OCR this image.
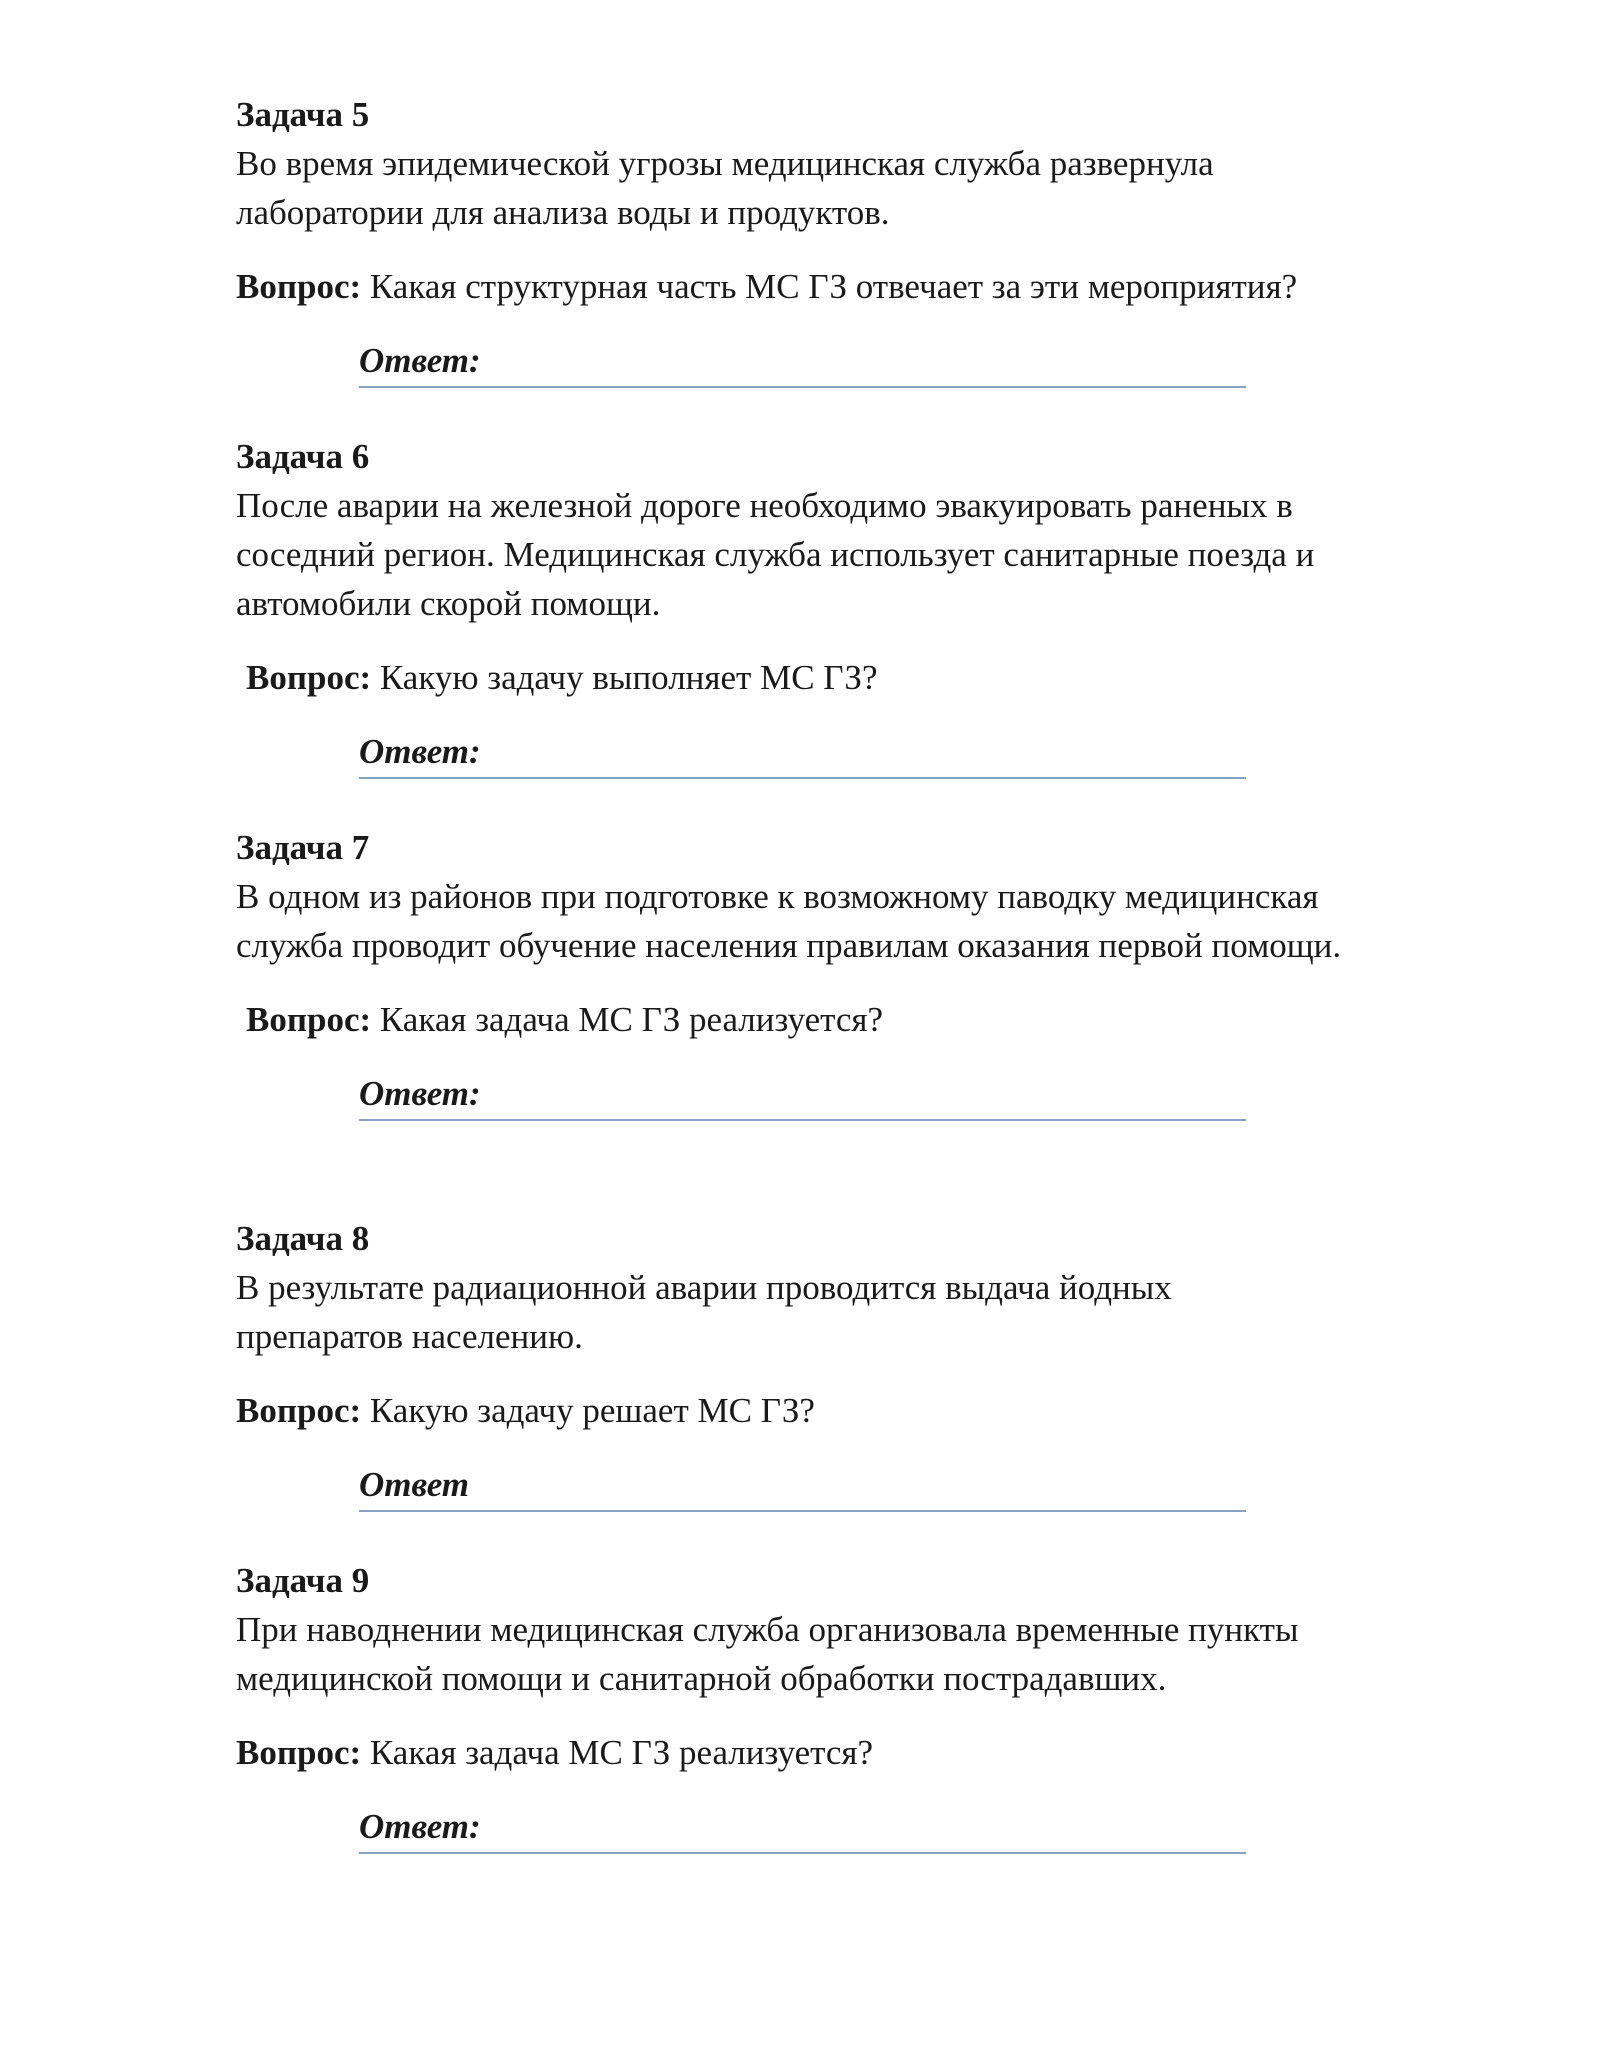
Задача 5

Во время эпидемической угрозы медицинская служба развернула лаборатории для анализа воды и продуктов.

Вопрос: Какая структурная часть МС ГЗ отвечает за эти мероприятия?

Ответ:

Задача 6

После аварии на железной дороге необходимо эвакуировать раненых в соседний регион. Медицинская служба использует санитарные поезда и автомобили скорой помощи.

Вопрос: Какую задачу выполняет МС ГЗ?

Ответ:

Задача 7

В одном из районов при подготовке к возможному паводку медицинская служба проводит обучение населения правилам оказания первой помощи.

Вопрос: Какая задача МС ГЗ реализуется?

Ответ:

Задача 8

В результате радиационной аварии проводится выдача йодных препаратов населению.

Вопрос: Какую задачу решает МС ГЗ?

Ответ

Задача 9

При наводнении медицинская служба организовала временные пункты медицинской помощи и санитарной обработки пострадавших.

Вопрос: Какая задача МС ГЗ реализуется?

Ответ:
